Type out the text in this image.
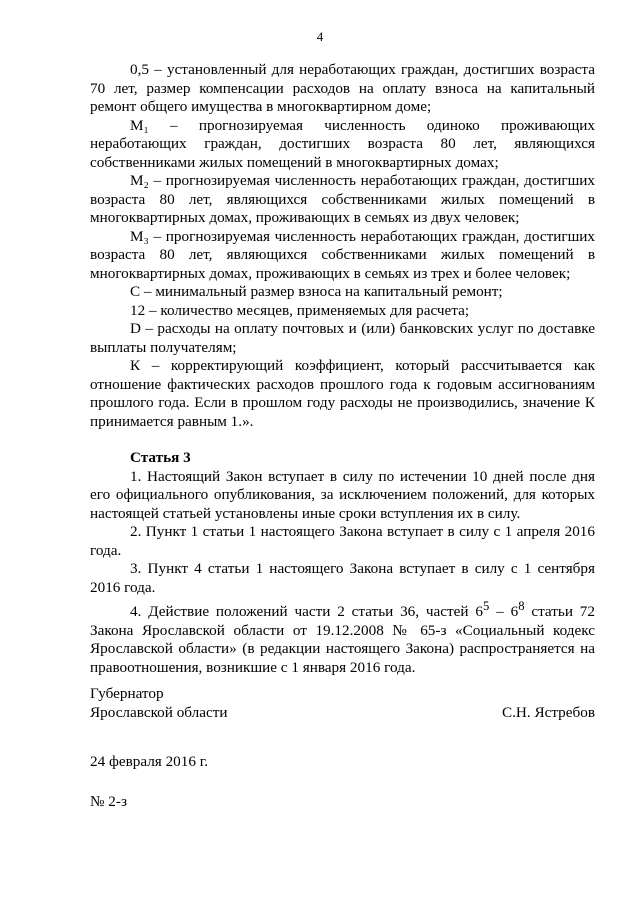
4

0,5 – установленный для неработающих граждан, достигших возраста 70 лет, размер компенсации расходов на оплату взноса на капитальный ремонт общего имущества в многоквартирном доме;

M₁ – прогнозируемая численность одиноко проживающих неработающих граждан, достигших возраста 80 лет, являющихся собственниками жилых помещений в многоквартирных домах;

M₂ – прогнозируемая численность неработающих граждан, достигших возраста 80 лет, являющихся собственниками жилых помещений в многоквартирных домах, проживающих в семьях из двух человек;

M₃ – прогнозируемая численность неработающих граждан, достигших возраста 80 лет, являющихся собственниками жилых помещений в многоквартирных домах, проживающих в семьях из трех и более человек;

С – минимальный размер взноса на капитальный ремонт;

12 – количество месяцев, применяемых для расчета;

D – расходы на оплату почтовых и (или) банковских услуг по доставке выплаты получателям;

К – корректирующий коэффициент, который рассчитывается как отношение фактических расходов прошлого года к годовым ассигнованиям прошлого года. Если в прошлом году расходы не производились, значение К принимается равным 1.».

Статья 3

1. Настоящий Закон вступает в силу по истечении 10 дней после дня его официального опубликования, за исключением положений, для которых настоящей статьей установлены иные сроки вступления их в силу.

2. Пункт 1 статьи 1 настоящего Закона вступает в силу с 1 апреля 2016 года.

3. Пункт 4 статьи 1 настоящего Закона вступает в силу с 1 сентября 2016 года.

4. Действие положений части 2 статьи 36, частей $6^5 - 6^8$ статьи 72 Закона Ярославской области от 19.12.2008 № 65-з «Социальный кодекс Ярославской области» (в редакции настоящего Закона) распространяется на правоотношения, возникшие с 1 января 2016 года.

Губернатор
Ярославской области	С.Н. Ястребов
24 февраля 2016 г.
№ 2-з
